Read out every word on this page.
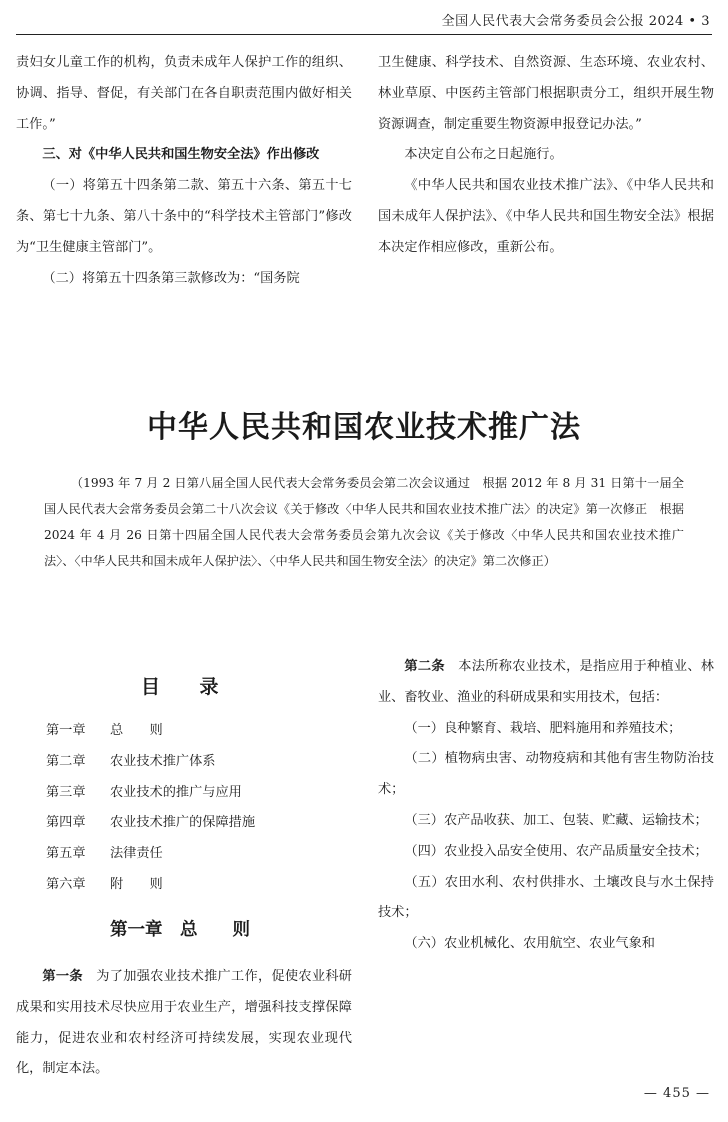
全国人民代表大会常务委员会公报 2024 • 3

责妇女儿童工作的机构，负责未成年人保护工作的组织、协调、指导、督促，有关部门在各自职责范围内做好相关工作。”

三、对《中华人民共和国生物安全法》作出修改

（一）将第五十四条第二款、第五十六条、第五十七条、第七十九条、第八十条中的“科学技术主管部门”修改为“卫生健康主管部门”。

（二）将第五十四条第三款修改为：“国务院

卫生健康、科学技术、自然资源、生态环境、农业农村、林业草原、中医药主管部门根据职责分工，组织开展生物资源调查，制定重要生物资源申报登记办法。”

本决定自公布之日起施行。

《中华人民共和国农业技术推广法》、《中华人民共和国未成年人保护法》、《中华人民共和国生物安全法》根据本决定作相应修改，重新公布。

中华人民共和国农业技术推广法

（1993 年 7 月 2 日第八届全国人民代表大会常务委员会第二次会议通过　根据 2012 年 8 月 31 日第十一届全国人民代表大会常务委员会第二十八次会议《关于修改〈中华人民共和国农业技术推广法〉的决定》第一次修正　根据 2024 年 4 月 26 日第十四届全国人民代表大会常务委员会第九次会议《关于修改〈中华人民共和国农业技术推广法〉、〈中华人民共和国未成年人保护法〉、〈中华人民共和国生物安全法〉的决定》第二次修正）

目　　录
第一章	总　　则
第二章	农业技术推广体系
第三章	农业技术的推广与应用
第四章	农业技术推广的保障措施
第五章	法律责任
第六章	附　　则
第一章　总　　则

第一条　为了加强农业技术推广工作，促使农业科研成果和实用技术尽快应用于农业生产，增强科技支撑保障能力，促进农业和农村经济可持续发展，实现农业现代化，制定本法。

第二条　本法所称农业技术，是指应用于种植业、林业、畜牧业、渔业的科研成果和实用技术，包括：

（一）良种繁育、栽培、肥料施用和养殖技术；

（二）植物病虫害、动物疫病和其他有害生物防治技术；

（三）农产品收获、加工、包装、贮藏、运输技术；

（四）农业投入品安全使用、农产品质量安全技术；

（五）农田水利、农村供排水、土壤改良与水土保持技术；

（六）农业机械化、农用航空、农业气象和

— 455 —
